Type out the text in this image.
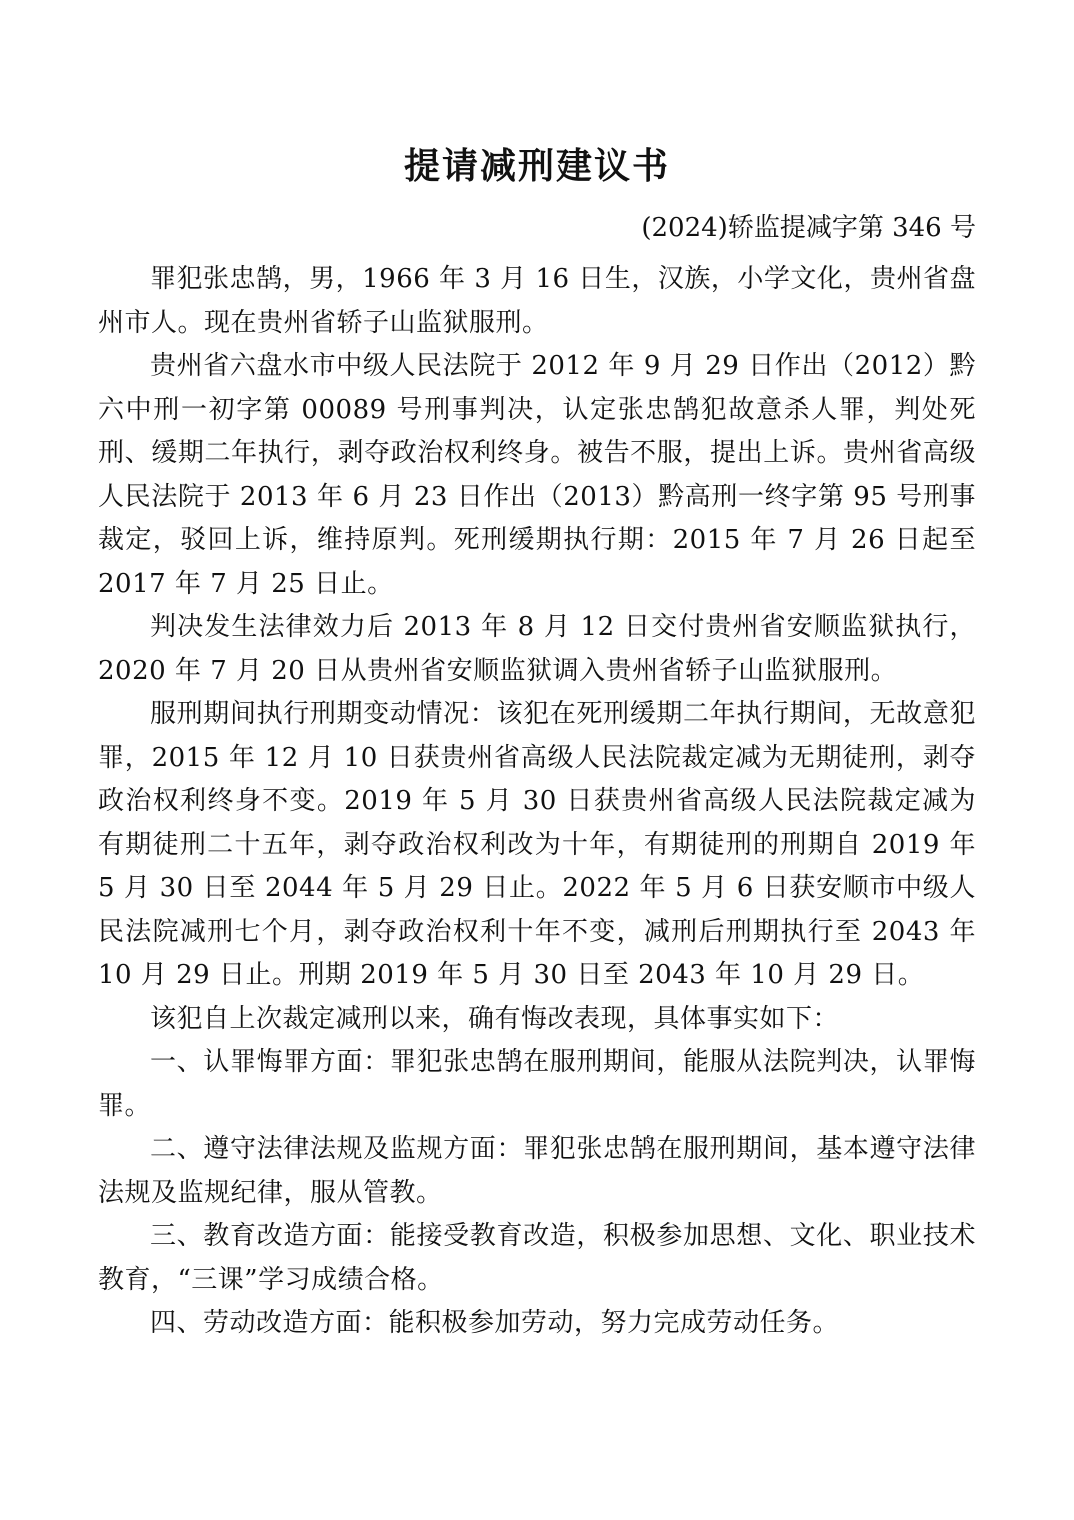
提请减刑建议书

(2024)轿监提减字第 346 号

罪犯张忠鹄，男，1966 年 3 月 16 日生，汉族，小学文化，贵州省盘州市人。现在贵州省轿子山监狱服刑。

贵州省六盘水市中级人民法院于 2012 年 9 月 29 日作出（2012）黔六中刑一初字第 00089 号刑事判决，认定张忠鹄犯故意杀人罪，判处死刑、缓期二年执行，剥夺政治权利终身。被告不服，提出上诉。贵州省高级人民法院于 2013 年 6 月 23 日作出（2013）黔高刑一终字第 95 号刑事裁定，驳回上诉，维持原判。死刑缓期执行期：2015 年 7 月 26 日起至 2017 年 7 月 25 日止。

判决发生法律效力后 2013 年 8 月 12 日交付贵州省安顺监狱执行，2020 年 7 月 20 日从贵州省安顺监狱调入贵州省轿子山监狱服刑。

服刑期间执行刑期变动情况：该犯在死刑缓期二年执行期间，无故意犯罪，2015 年 12 月 10 日获贵州省高级人民法院裁定减为无期徒刑，剥夺政治权利终身不变。2019 年 5 月 30 日获贵州省高级人民法院裁定减为有期徒刑二十五年，剥夺政治权利改为十年，有期徒刑的刑期自 2019 年 5 月 30 日至 2044 年 5 月 29 日止。2022 年 5 月 6 日获安顺市中级人民法院减刑七个月，剥夺政治权利十年不变，减刑后刑期执行至 2043 年 10 月 29 日止。刑期 2019 年 5 月 30 日至 2043 年 10 月 29 日。

该犯自上次裁定减刑以来，确有悔改表现，具体事实如下：

一、认罪悔罪方面：罪犯张忠鹄在服刑期间，能服从法院判决，认罪悔罪。

二、遵守法律法规及监规方面：罪犯张忠鹄在服刑期间，基本遵守法律法规及监规纪律，服从管教。

三、教育改造方面：能接受教育改造，积极参加思想、文化、职业技术教育，“三课”学习成绩合格。

四、劳动改造方面：能积极参加劳动，努力完成劳动任务。
